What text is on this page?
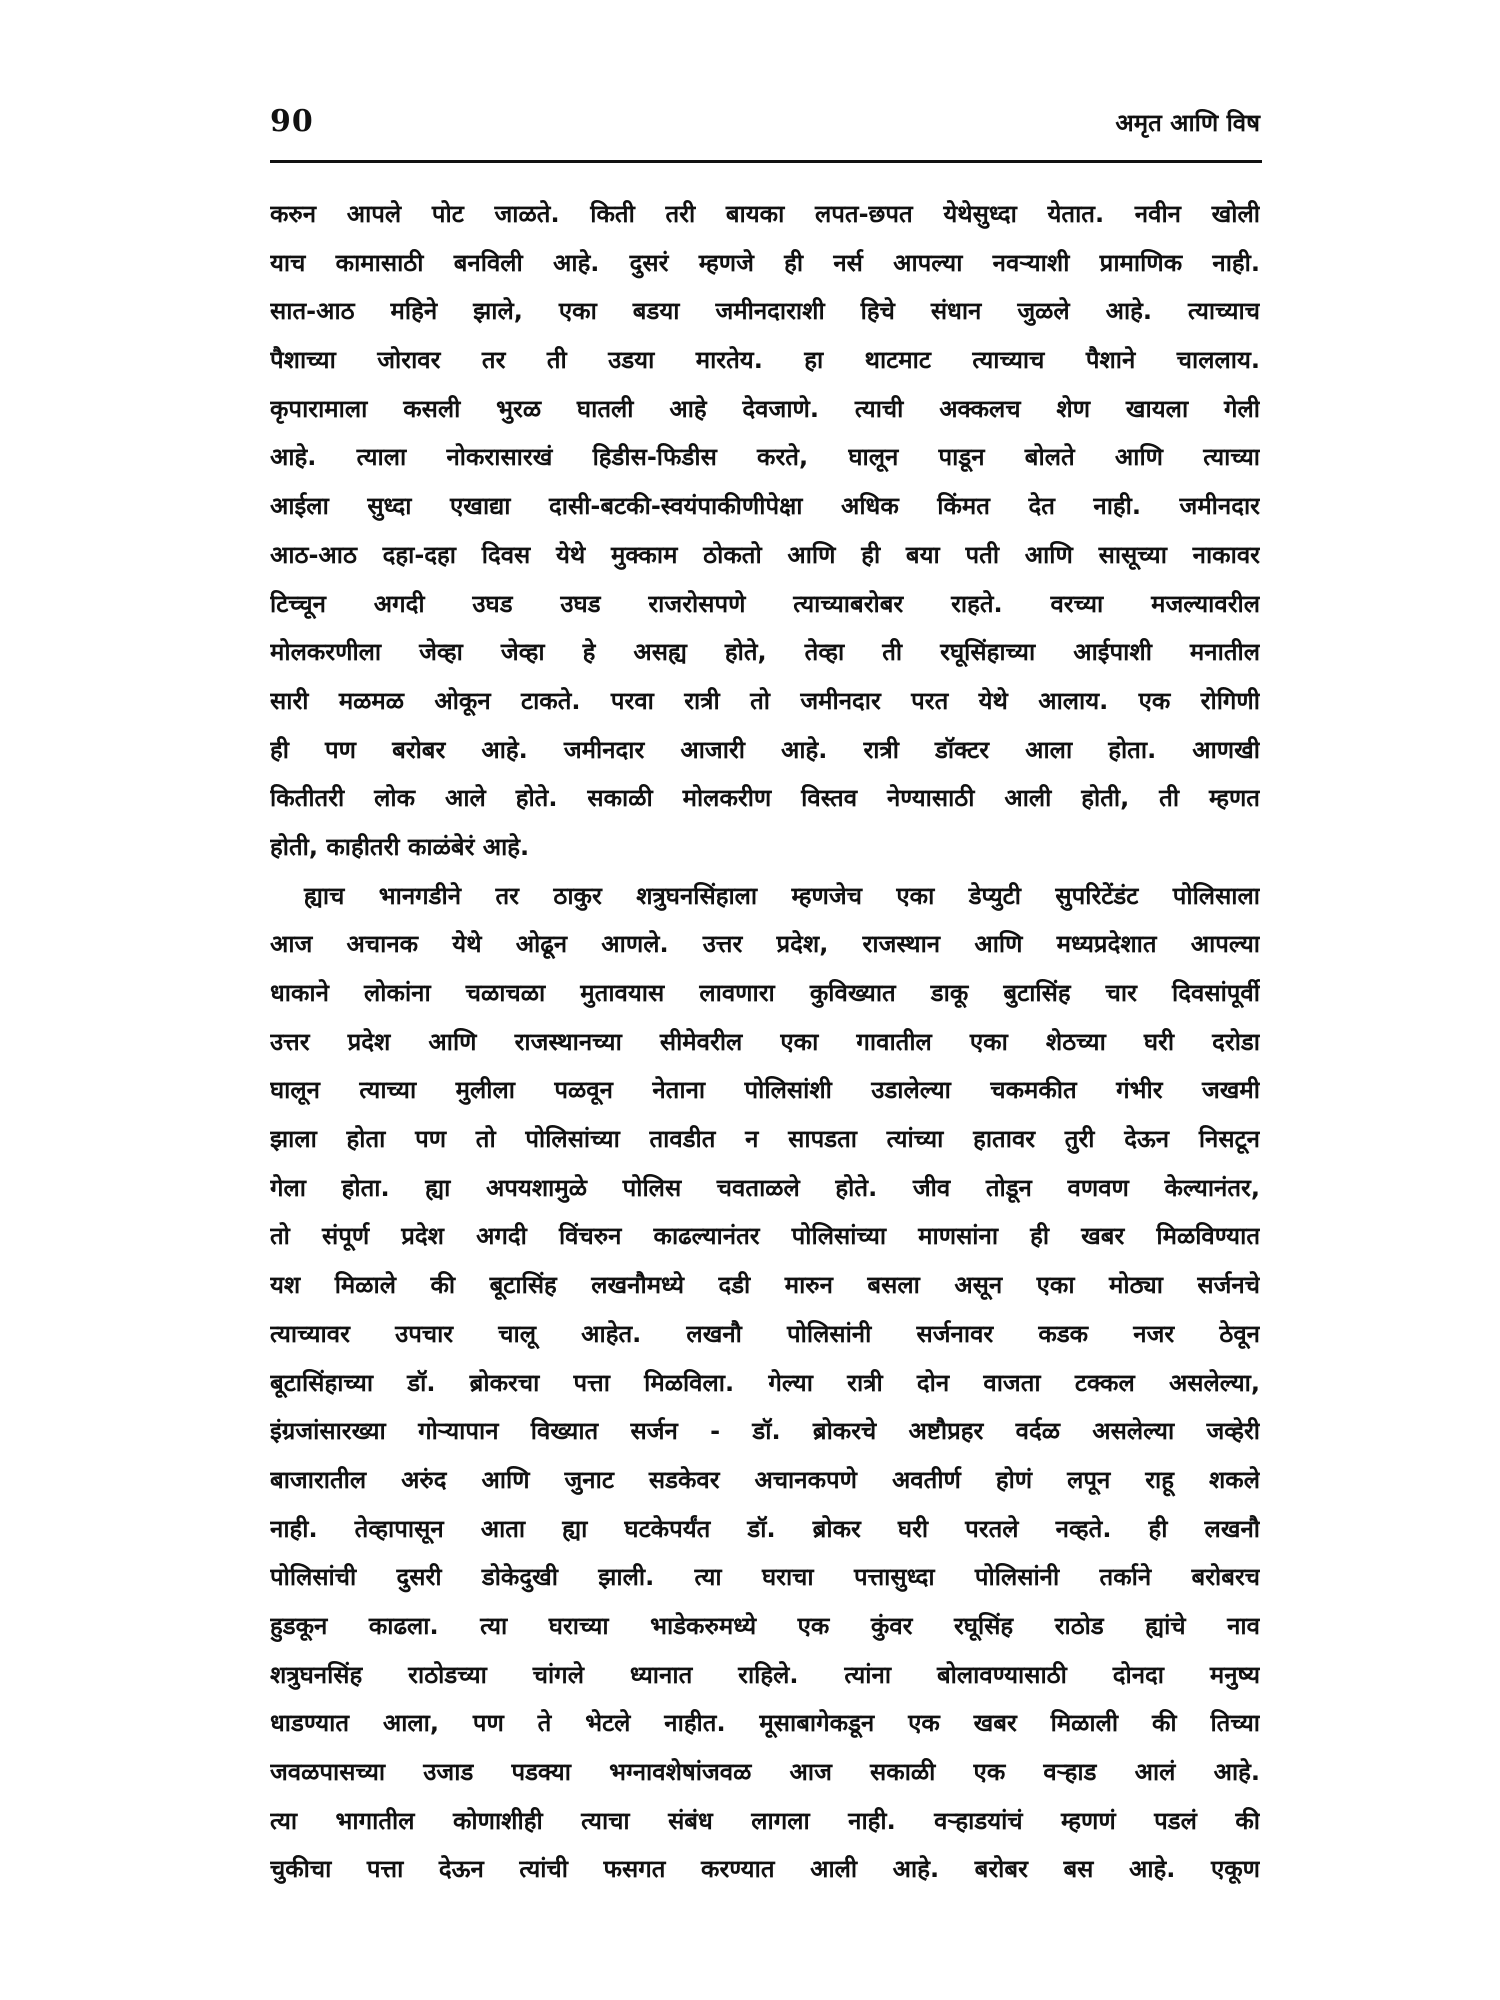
90	अमृत आणि विष
करुन आपले पोट जाळते. किती तरी बायका लपत-छपत येथेसुध्दा येतात. नवीन खोली
याच कामासाठी बनविली आहे. दुसरं म्हणजे ही नर्स आपल्या नवऱ्याशी प्रामाणिक नाही.
सात-आठ महिने झाले, एका बडया जमीनदाराशी हिचे संधान जुळले आहे. त्याच्याच
पैशाच्या जोरावर तर ती उडया मारतेय. हा थाटमाट त्याच्याच पैशाने चाललाय.
कृपारामाला कसली भुरळ घातली आहे देवजाणे. त्याची अक्कलच शेण खायला गेली
आहे. त्याला नोकरासारखं हिडीस-फिडीस करते, घालून पाडून बोलते आणि त्याच्या
आईला सुध्दा एखाद्या दासी-बटकी-स्वयंपाकीणीपेक्षा अधिक किंमत देत नाही. जमीनदार
आठ-आठ दहा-दहा दिवस येथे मुक्काम ठोकतो आणि ही बया पती आणि सासूच्या नाकावर
टिच्चून अगदी उघड उघड राजरोसपणे त्याच्याबरोबर राहते. वरच्या मजल्यावरील
मोलकरणीला जेव्हा जेव्हा हे असह्य होते, तेव्हा ती रघूसिंहाच्या आईपाशी मनातील
सारी मळमळ ओकून टाकते. परवा रात्री तो जमीनदार परत येथे आलाय. एक रोगिणी
ही पण बरोबर आहे. जमीनदार आजारी आहे. रात्री डॉक्टर आला होता. आणखी
कितीतरी लोक आले होते. सकाळी मोलकरीण विस्तव नेण्यासाठी आली होती, ती म्हणत
होती, काहीतरी काळंबेरं आहे.
ह्याच भानगडीने तर ठाकुर शत्रुघनसिंहाला म्हणजेच एका डेप्युटी सुपरिटेंडंट पोलिसाला
आज अचानक येथे ओढून आणले. उत्तर प्रदेश, राजस्थान आणि मध्यप्रदेशात आपल्या
धाकाने लोकांना चळाचळा मुतावयास लावणारा कुविख्यात डाकू बुटासिंह चार दिवसांपूर्वी
उत्तर प्रदेश आणि राजस्थानच्या सीमेवरील एका गावातील एका शेठच्या घरी दरोडा
घालून त्याच्या मुलीला पळवून नेताना पोलिसांशी उडालेल्या चकमकीत गंभीर जखमी
झाला होता पण तो पोलिसांच्या तावडीत न सापडता त्यांच्या हातावर तुरी देऊन निसटून
गेला होता. ह्या अपयशामुळे पोलिस चवताळले होते. जीव तोडून वणवण केल्यानंतर,
तो संपूर्ण प्रदेश अगदी विंचरुन काढल्यानंतर पोलिसांच्या माणसांना ही खबर मिळविण्यात
यश मिळाले की बूटासिंह लखनौमध्ये दडी मारुन बसला असून एका मोठ्या सर्जनचे
त्याच्यावर उपचार चालू आहेत. लखनौ पोलिसांनी सर्जनावर कडक नजर ठेवून
बूटासिंहाच्या डॉ. ब्रोकरचा पत्ता मिळविला. गेल्या रात्री दोन वाजता टक्कल असलेल्या,
इंग्रजांसारख्या गोऱ्यापान विख्यात सर्जन - डॉ. ब्रोकरचे अष्टौप्रहर वर्दळ असलेल्या जव्हेरी
बाजारातील अरुंद आणि जुनाट सडकेवर अचानकपणे अवतीर्ण होणं लपून राहू शकले
नाही. तेव्हापासून आता ह्या घटकेपर्यंत डॉ. ब्रोकर घरी परतले नव्हते. ही लखनौ
पोलिसांची दुसरी डोकेदुखी झाली. त्या घराचा पत्तासुध्दा पोलिसांनी तर्काने बरोबरच
हुडकून काढला. त्या घराच्या भाडेकरुमध्ये एक कुंवर रघूसिंह राठोड ह्यांचे नाव
शत्रुघनसिंह राठोडच्या चांगले ध्यानात राहिले. त्यांना बोलावण्यासाठी दोनदा मनुष्य
धाडण्यात आला, पण ते भेटले नाहीत. मूसाबागेकडून एक खबर मिळाली की तिच्या
जवळपासच्या उजाड पडक्या भग्नावशेषांजवळ आज सकाळी एक वऱ्हाड आलं आहे.
त्या भागातील कोणाशीही त्याचा संबंध लागला नाही. वऱ्हाडयांचं म्हणणं पडलं की
चुकीचा पत्ता देऊन त्यांची फसगत करण्यात आली आहे. बरोबर बस आहे. एकूण
